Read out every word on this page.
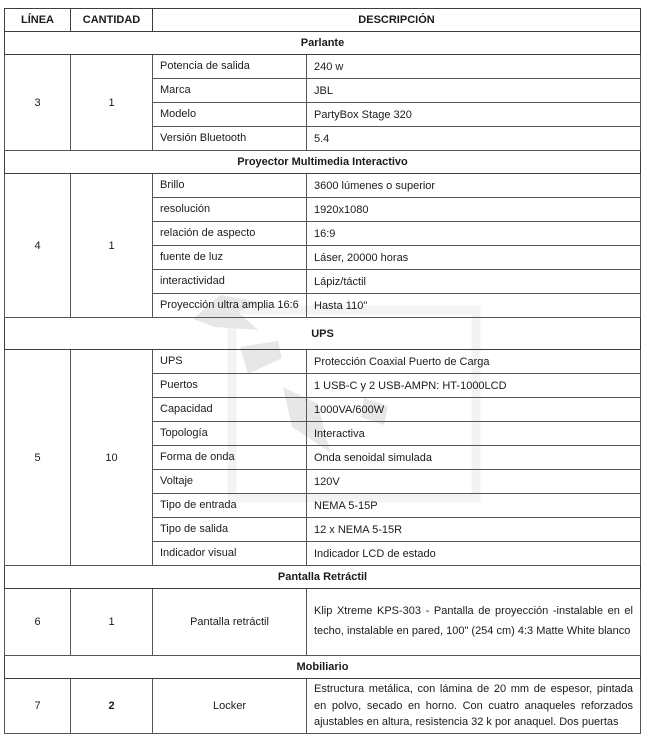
LÍNEA	CANTIDAD	DESCRIPCIÓN	
Parlante			
3	1	Potencia de salida	240 w
		Marca	JBL
		Modelo	PartyBox Stage 320
		Versión Bluetooth	5.4
Proyector Multimedia Interactivo			
4	1	Brillo	3600 lúmenes o superior
		resolución	1920x1080
		relación de aspecto	16:9
		fuente de luz	Láser, 20000 horas
		interactividad	Lápiz/táctil
		Proyección ultra amplia 16:6	Hasta 110"
UPS			
5	10	UPS	Protección Coaxial Puerto de Carga
		Puertos	1 USB-C y 2 USB-AMPN: HT-1000LCD
		Capacidad	1000VA/600W
		Topología	Interactiva
		Forma de onda	Onda senoidal simulada
		Voltaje	120V
		Tipo de entrada	NEMA 5-15P
		Tipo de salida	12 x NEMA 5-15R
		Indicador visual	Indicador LCD de estado
Pantalla Retráctil			
6	1	Pantalla retráctil	Klip Xtreme KPS-303 - Pantalla de proyección -instalable en el techo, instalable en pared, 100" (254 cm) 4:3 Matte White blanco
Mobiliario			
7	2	Locker	Estructura metálica, con lámina de 20 mm de espesor, pintada en polvo, secado en horno. Con cuatro anaqueles reforzados ajustables en altura, resistencia 32 k por anaquel. Dos puertas
